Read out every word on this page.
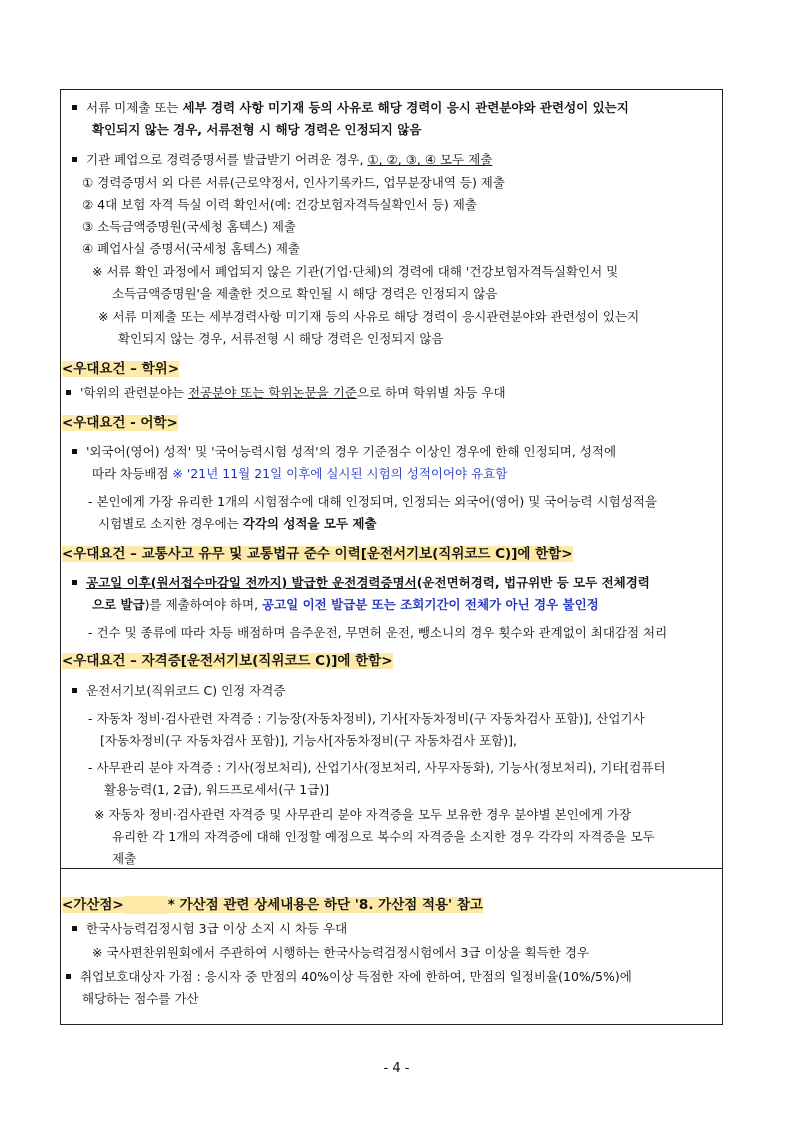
서류 미제출 또는 세부 경력 사항 미기재 등의 사유로 해당 경력이 응시 관련분야와 관련성이 있는지
확인되지 않는 경우, 서류전형 시 해당 경력은 인정되지 않음
기관 폐업으로 경력증명서를 발급받기 어려운 경우, ①, ②, ③, ④ 모두 제출
① 경력증명서 외 다른 서류(근로약정서, 인사기록카드, 업무분장내역 등) 제출
② 4대 보험 자격 득실 이력 확인서(예: 건강보험자격득실확인서 등) 제출
③ 소득금액증명원(국세청 홈텍스) 제출
④ 폐업사실 증명서(국세청 홈텍스) 제출
※ 서류 확인 과정에서 폐업되지 않은 기관(기업·단체)의 경력에 대해 '건강보험자격득실확인서 및
소득금액증명원'을 제출한 것으로 확인될 시 해당 경력은 인정되지 않음
※ 서류 미제출 또는 세부경력사항 미기재 등의 사유로 해당 경력이 응시관련분야와 관련성이 있는지
확인되지 않는 경우, 서류전형 시 해당 경력은 인정되지 않음
<우대요건 – 학위>
'학위의 관련분야는 전공분야 또는 학위논문을 기준으로 하며 학위별 차등 우대
<우대요건 - 어학>
'외국어(영어) 성적' 및 '국어능력시험 성적'의 경우 기준점수 이상인 경우에 한해 인정되며, 성적에
따라 차등배점 ※ '21년 11월 21일 이후에 실시된 시험의 성적이어야 유효함
- 본인에게 가장 유리한 1개의 시험점수에 대해 인정되며, 인정되는 외국어(영어) 및 국어능력 시험성적을
시험별로 소지한 경우에는 각각의 성적을 모두 제출
<우대요건 – 교통사고 유무 및 교통법규 준수 이력[운전서기보(직위코드 C)]에 한함>
공고일 이후(원서접수마감일 전까지) 발급한 운전경력증명서(운전면허경력, 법규위반 등 모두 전체경력
으로 발급)를 제출하여야 하며, 공고일 이전 발급분 또는 조회기간이 전체가 아닌 경우 불인정
- 건수 및 종류에 따라 차등 배점하며 음주운전, 무면허 운전, 뺑소니의 경우 횟수와 관계없이 최대감점 처리
<우대요건 – 자격증[운전서기보(직위코드 C)]에 한함>
운전서기보(직위코드 C) 인정 자격증
- 자동차 정비·검사관련 자격증 : 기능장(자동차정비), 기사[자동차정비(구 자동차검사 포함)], 산업기사
[자동차정비(구 자동차검사 포함)], 기능사[자동차정비(구 자동차검사 포함)],
- 사무관리 분야 자격증 : 기사(정보처리), 산업기사(정보처리, 사무자동화), 기능사(정보처리), 기타[컴퓨터
활용능력(1, 2급), 워드프로세서(구 1급)]
※ 자동차 정비·검사관련 자격증 및 사무관리 분야 자격증을 모두 보유한 경우 분야별 본인에게 가장
유리한 각 1개의 자격증에 대해 인정할 예정으로 복수의 자격증을 소지한 경우 각각의 자격증을 모두
제출
<가산점>	* 가산점 관련 상세내용은 하단 '8. 가산점 적용' 참고
한국사능력검정시험 3급 이상 소지 시 차등 우대
※ 국사편찬위원회에서 주관하여 시행하는 한국사능력검정시험에서 3급 이상을 획득한 경우
취업보호대상자 가점 : 응시자 중 만점의 40%이상 득점한 자에 한하여, 만점의 일정비율(10%/5%)에
해당하는 점수를 가산
- 4 -
